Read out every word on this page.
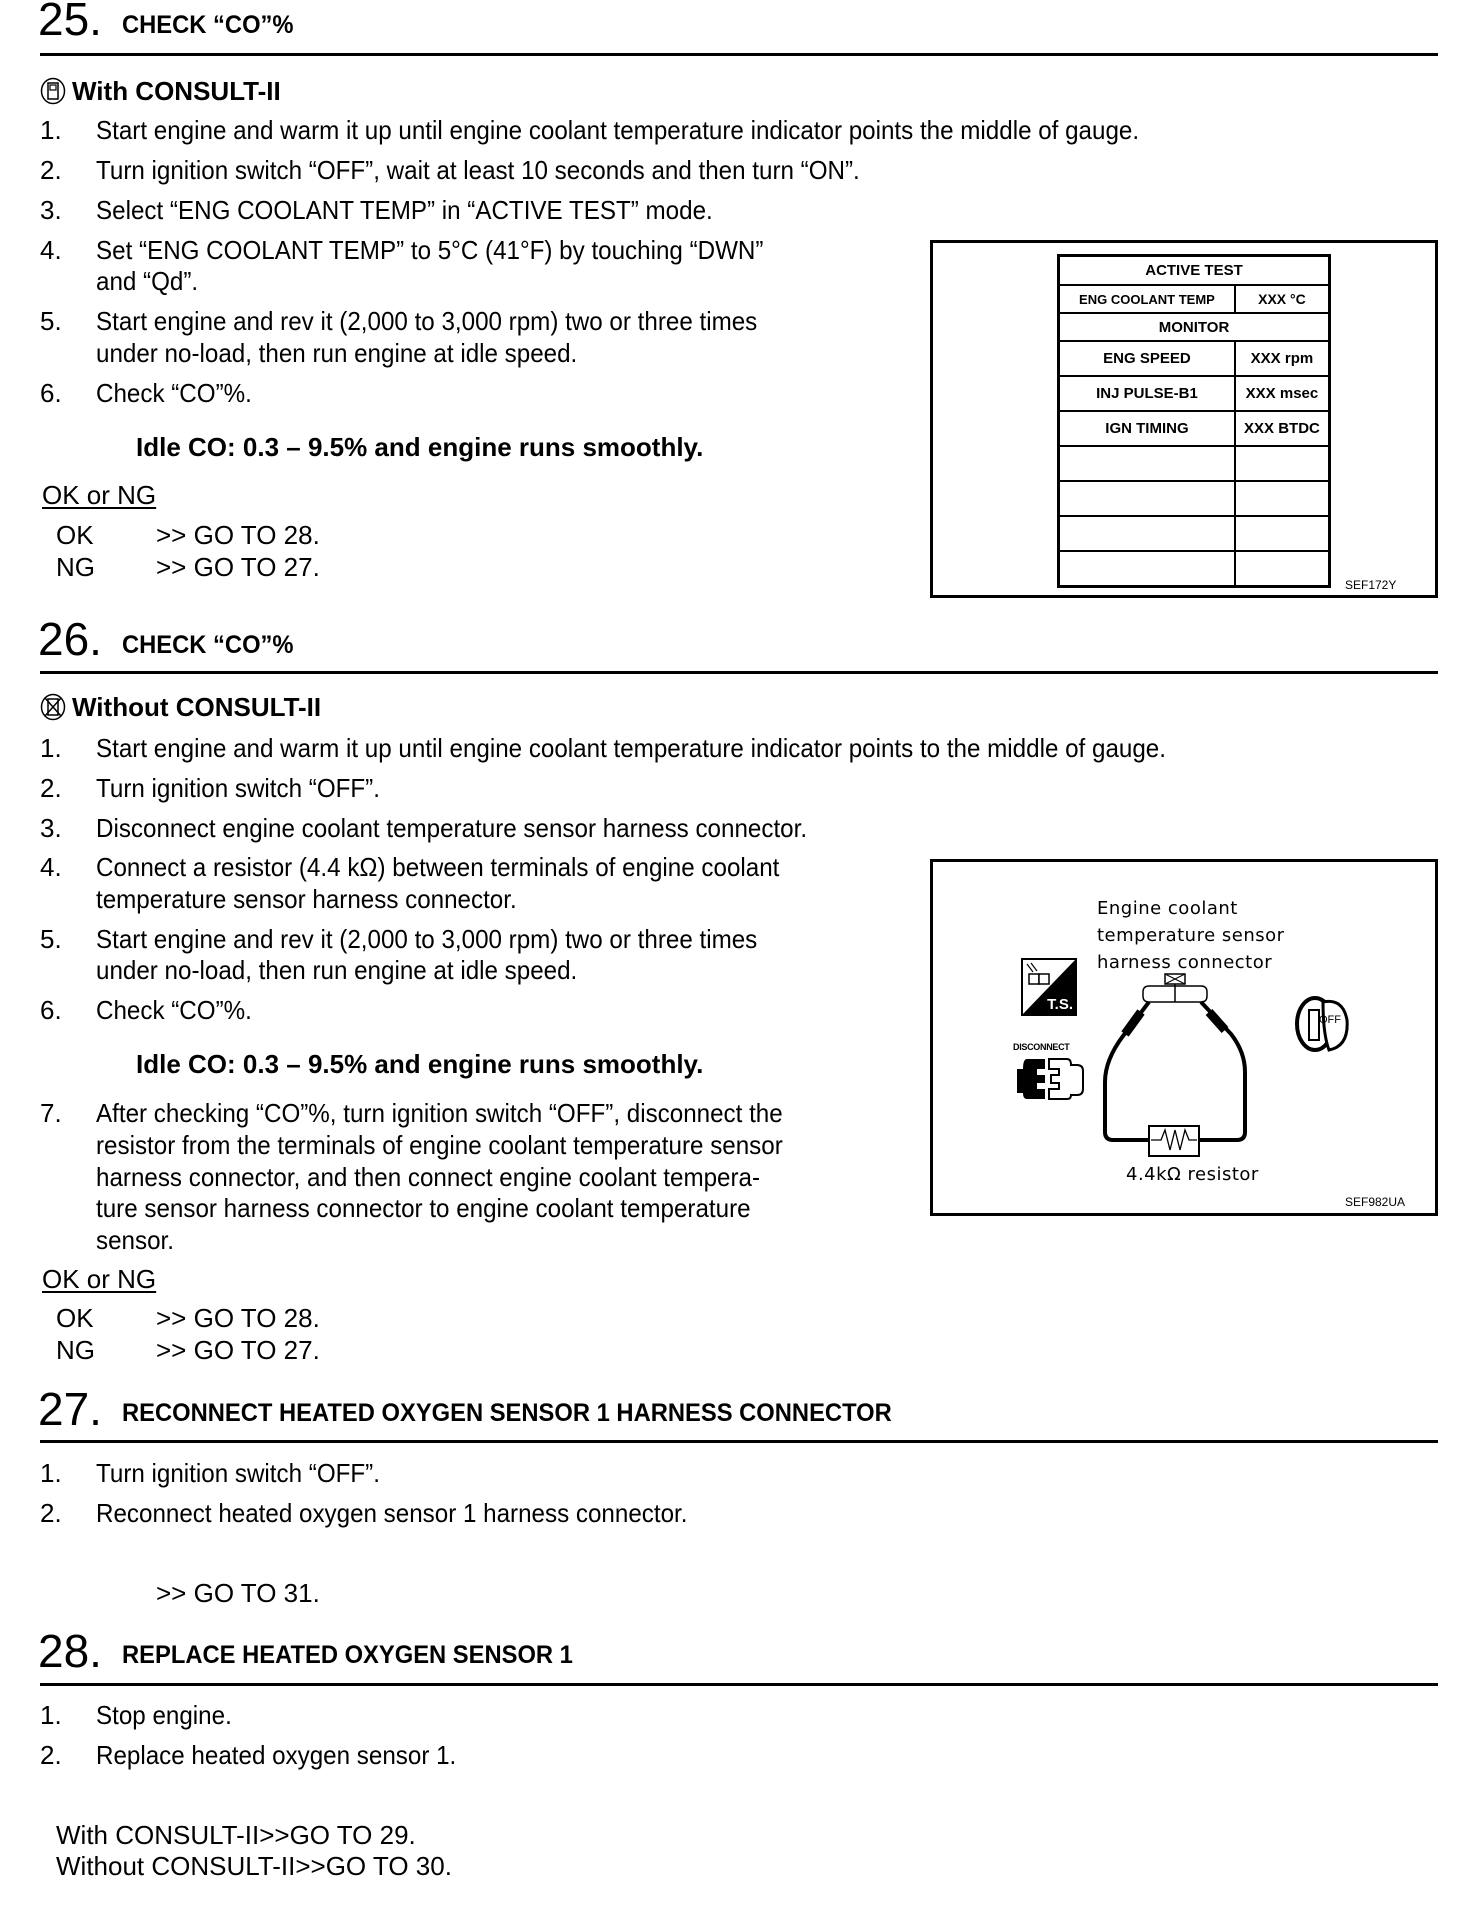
25. CHECK “CO”%
With CONSULT-II
1. Start engine and warm it up until engine coolant temperature indicator points the middle of gauge.
2. Turn ignition switch “OFF”, wait at least 10 seconds and then turn “ON”.
3. Select “ENG COOLANT TEMP” in “ACTIVE TEST” mode.
4. Set “ENG COOLANT TEMP” to 5°C (41°F) by touching “DWN”
and “Qd”.
5. Start engine and rev it (2,000 to 3,000 rpm) two or three times
under no-load, then run engine at idle speed.
6. Check “CO”%.
Idle CO: 0.3 – 9.5% and engine runs smoothly.
OK or NG
OK >> GO TO 28.
NG >> GO TO 27.
ACTIVE TEST	
ENG COOLANT TEMP	XXX °C
MONITOR	
ENG SPEED	XXX rpm
INJ PULSE-B1	XXX msec
IGN TIMING	XXX BTDC

SEF172Y
26. CHECK “CO”%
Without CONSULT-II
1. Start engine and warm it up until engine coolant temperature indicator points to the middle of gauge.
2. Turn ignition switch “OFF”.
3. Disconnect engine coolant temperature sensor harness connector.
4. Connect a resistor (4.4 kΩ) between terminals of engine coolant
temperature sensor harness connector.
5. Start engine and rev it (2,000 to 3,000 rpm) two or three times
under no-load, then run engine at idle speed.
6. Check “CO”%.
Idle CO: 0.3 – 9.5% and engine runs smoothly.
7. After checking “CO”%, turn ignition switch “OFF”, disconnect the
resistor from the terminals of engine coolant temperature sensor
harness connector, and then connect engine coolant tempera-
ture sensor harness connector to engine coolant temperature
sensor.
OK or NG
OK >> GO TO 28.
NG >> GO TO 27.
Engine coolant
temperature sensor
harness connector
T.S.
DISCONNECT
4.4kΩ resistor
OFF
SEF982UA
27. RECONNECT HEATED OXYGEN SENSOR 1 HARNESS CONNECTOR
1. Turn ignition switch “OFF”.
2. Reconnect heated oxygen sensor 1 harness connector.
>> GO TO 31.
28. REPLACE HEATED OXYGEN SENSOR 1
1. Stop engine.
2. Replace heated oxygen sensor 1.
With CONSULT-II>>GO TO 29.
Without CONSULT-II>>GO TO 30.
